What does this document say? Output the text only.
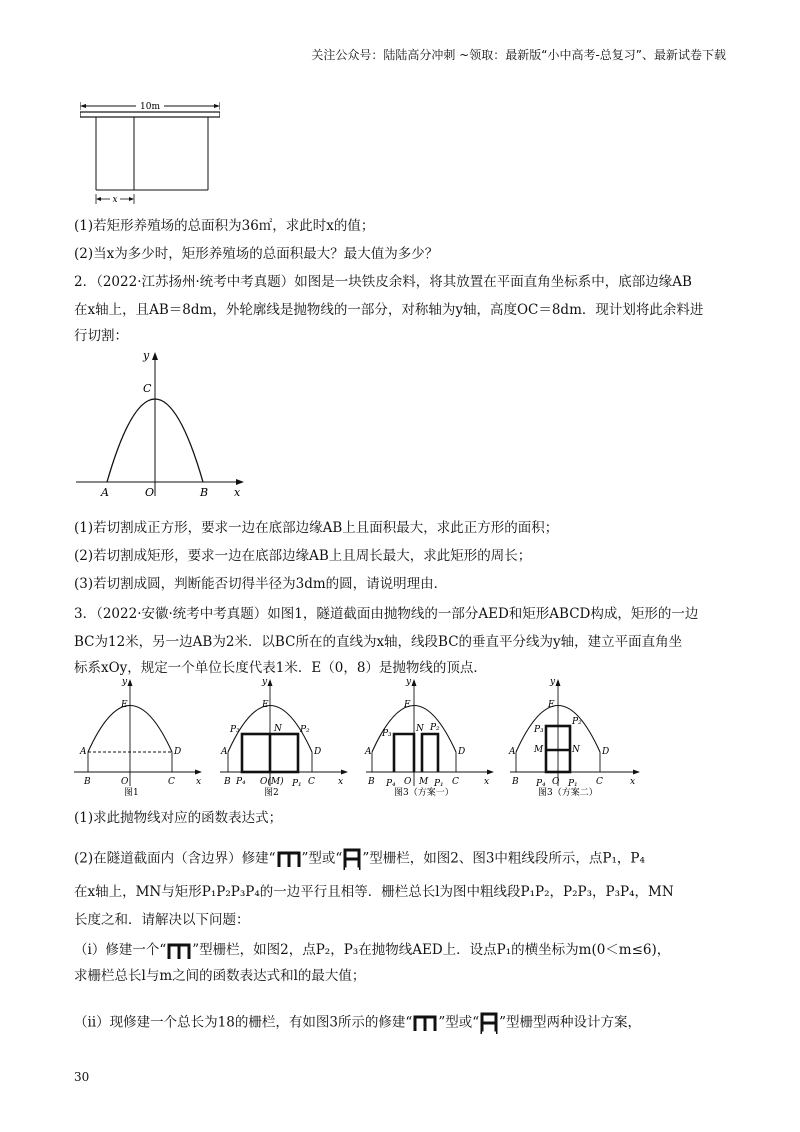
关注公众号：陆陆高分冲刺 ~领取：最新版“小中高考-总复习”、最新试卷下载
10m
x
(1)若矩形养殖场的总面积为36㎡，求此时x的值；
(2)当x为多少时，矩形养殖场的总面积最大？最大值为多少？
2．（2022·江苏扬州·统考中考真题）如图是一块铁皮余料，将其放置在平面直角坐标系中，底部边缘AB
在x轴上，且AB＝8dm，外轮廓线是抛物线的一部分，对称轴为y轴，高度OC＝8dm．现计划将此余料进
行切割：
y
C
A	O	B x
(1)若切割成正方形，要求一边在底部边缘AB上且面积最大，求此正方形的面积；
(2)若切割成矩形，要求一边在底部边缘AB上且周长最大，求此矩形的周长；
(3)若切割成圆，判断能否切得半径为3dm的圆，请说明理由．
3．（2022·安徽·统考中考真题）如图1，隧道截面由抛物线的一部分AED和矩形ABCD构成，矩形的一边
BC为12米，另一边AB为2米．以BC所在的直线为x轴，线段BC的垂直平分线为y轴，建立平面直角坐
标系xOy，规定一个单位长度代表1米．E（0，8）是抛物线的顶点．
y
E
A	D
B	O	C x
图1
y
E
N
P₃	P₂
A	D
B P₄ O(M) P₁ C	x
图2
y
E
N
P₃
P₂
A	D
B P₄ O M P₁ C	x
图3（方案一）
y
E
P₃
P₂
M	N
A	D
B P₄ O P₁ C	x
图3（方案二）
(1)求此抛物线对应的函数表达式；
(2)在隧道截面内（含边界）修建“ ”型或“ ”型栅栏，如图2、图3中粗线段所示，点P₁，P₄
在x轴上，MN与矩形P₁P₂P₃P₄的一边平行且相等．栅栏总长l为图中粗线段P₁P₂，P₂P₃，P₃P₄，MN
长度之和．请解决以下问题：
（ⅰ）修建一个“ ”型栅栏，如图2，点P₂，P₃在抛物线AED上．设点P₁的横坐标为m(0＜m≤6)，
求栅栏总长l与m之间的函数表达式和l的最大值；
（ⅱ）现修建一个总长为18的栅栏，有如图3所示的修建“ ”型或“ ”型栅型两种设计方案，
30
